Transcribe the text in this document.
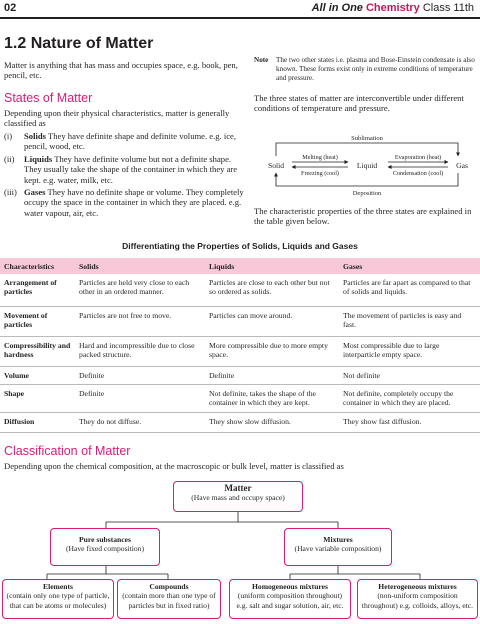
02	All in One Chemistry Class 11th
1.2 Nature of Matter

Matter is anything that has mass and occupies space, e.g. book, pen, pencil, etc.

States of Matter

Depending upon their physical characteristics, matter is generally classified as

(i)	Solids They have definite shape and definite volume. e.g. ice, pencil, wood, etc.
(ii)	Liquids They have definite volume but not a definite shape. They usually take the shape of the container in which they are kept. e.g. water, milk, etc.
(iii) Gases They have no definite shape or volume. They completely occupy the space in the container in which they are placed. e.g. water vapour, air, etc.
Note	The two other states i.e. plasma and Bose-Einstein condensate is also known. These forms exist only in extreme conditions of temperature and pressure.

The three states of matter are interconvertible under different conditions of temperature and pressure.

Sublimation
Deposition
Solid	Liquid	Gas
Melting (heat)
Freezing (cool)
Evaporation (heat)
Condensation (cool)

The characteristic properties of the three states are explained in the table given below.

Differentiating the Properties of Solids, Liquids and Gases
Characteristics	Solids	Liquids	Gases
Arrangement of particles	Particles are held very close to each other in an ordered manner.	Particles are close to each other but not so ordered as solids.	Particles are far apart as compared to that of solids and liquids.
Movement of particles	Particles are not free to move.	Particles can move around.	The movement of particles is easy and fast.
Compressibility and hardness	Hard and incompressible due to close packed structure.	More compressible due to more empty space.	Most compressible due to large interparticle empty space.
Volume	Definite	Definite	Not definite
Shape	Definite	Not definite, takes the shape of the container in which they are kept.	Not definite, completely occupy the container in which they are placed.
Diffusion	They do not diffuse.	They show slow diffusion.	They show fast diffusion.
Classification of Matter

Depending upon the chemical composition, at the macroscopic or bulk level, matter is classified as

Matter
(Have mass and occupy space)
Pure substances
(Have fixed composition)
Mixtures
(Have variable composition)
Elements
(contain only one type of particle, that can be atoms or molecules)
Compounds
(contain more than one type of particles but in fixed ratio)
Homogeneous mixtures
(uniform composition throughout) e.g. salt and sugar solution, air, etc.
Heterogeneous mixtures
(non-uniform composition throughout) e.g. colloids, alloys, etc.
